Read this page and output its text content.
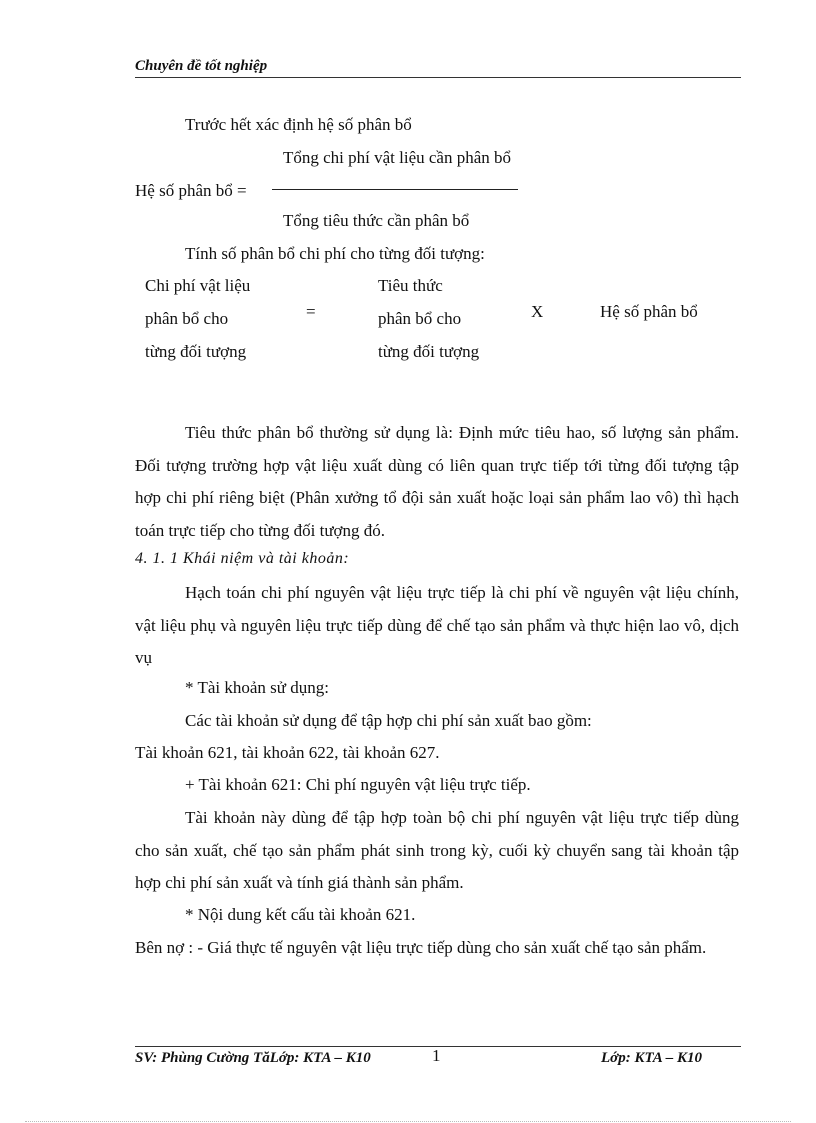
Chuyên đề tốt nghiệp
Trước hết xác định hệ số phân bổ
Tổng chi phí vật liệu cần phân bổ
Hệ số phân bổ =
Tổng tiêu thức cần phân bổ
Tính số phân bổ chi phí cho từng đối tượng:
Chi phí vật liệu
phân bổ cho
từng đối tượng
=
Tiêu thức
phân bổ cho
từng đối tượng
X	Hệ số phân bổ
Tiêu thức phân bổ thường sử dụng là: Định mức tiêu hao, số lượng sản phẩm. Đối tượng trường hợp vật liệu xuất dùng có liên quan trực tiếp tới từng đối tượng tập hợp chi phí riêng biệt (Phân xưởng tổ đội sản xuất hoặc loại sản phẩm lao vô) thì hạch toán trực tiếp cho từng đối tượng đó.
4. 1. 1 Khái niệm và tài khoản:
Hạch toán chi phí nguyên vật liệu trực tiếp là chi phí về nguyên vật liệu chính, vật liệu phụ và nguyên liệu trực tiếp dùng để chế tạo sản phẩm và thực hiện lao vô, dịch vụ
* Tài khoản sử dụng:
Các tài khoản sử dụng để tập hợp chi phí sản xuất bao gồm:
Tài khoản 621, tài khoản 622, tài khoản 627.
+ Tài khoản 621: Chi phí nguyên vật liệu trực tiếp.
Tài khoản này dùng để tập hợp toàn bộ chi phí nguyên vật liệu trực tiếp dùng cho sản xuất, chế tạo sản phẩm phát sinh trong kỳ, cuối kỳ chuyển sang tài khoản tập hợp chi phí sản xuất và tính giá thành sản phẩm.
* Nội dung kết cấu tài khoản 621.
Bên nợ : - Giá thực tế nguyên vật liệu trực tiếp dùng cho sản xuất chế tạo sản phẩm.
SV: Phùng Cường TăLớp: KTA – K10	1	Lớp: KTA – K10
